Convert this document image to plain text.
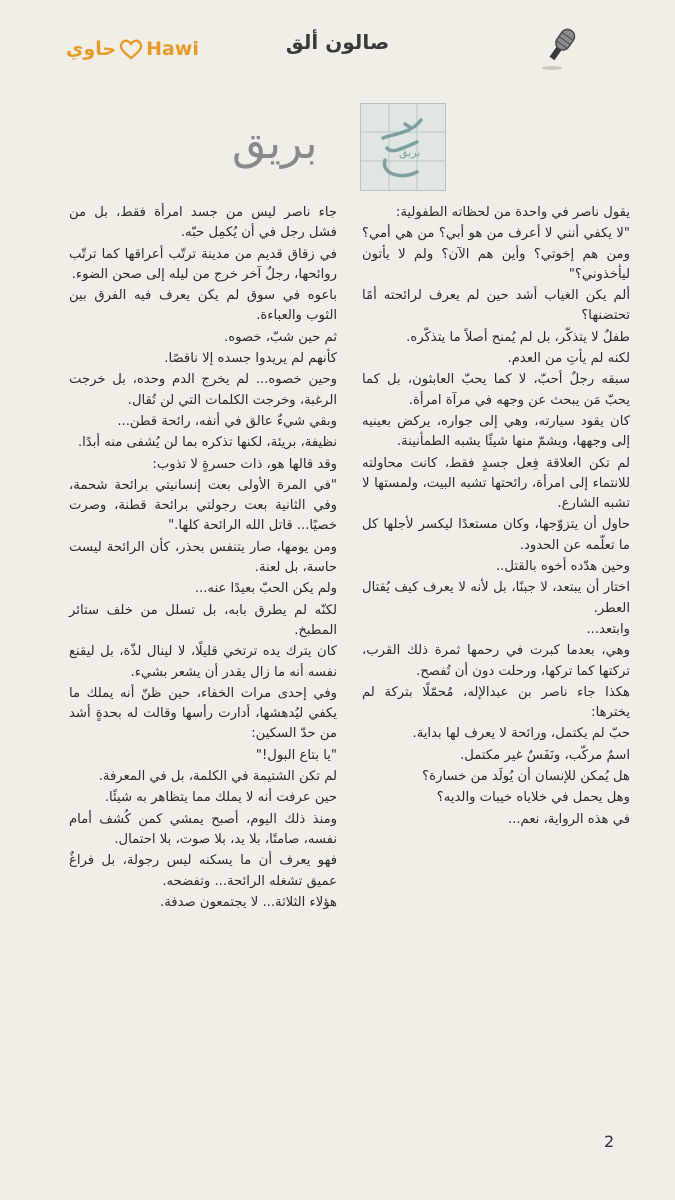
حاوي Hawi	صالون ألق
بريق
بريق

يقول ناصر في واحدة من لحظاته الطفولية:

"لا يكفي أنني لا أعرف من هو أبي؟ من هي أمي؟ ومن هم إخوتي؟ وأين هم الآن؟ ولم لا يأتون ليأخذوني؟"

ألم يكن الغياب أشد حين لم يعرف لرائحته أمًا تحتضنها؟

طفلٌ لا يتذكّر، بل لم يُمنح أصلاً ما يتذكّره.

لكنه لم يأتِ من العدم.

سبقه رجلٌ أحبّ، لا كما يحبّ العابثون، بل كما يحبّ مَن يبحث عن وجهه في مرآة امرأة.

كان يقود سيارته، وهي إلى جواره، يركض بعينيه إلى وجهها، ويشمّ منها شيئًا يشبه الطمأنينة.

لم تكن العلاقة فِعل جسدٍ فقط، كانت محاولته للانتماء إلى امرأة، رائحتها تشبه البيت، ولمستها لا تشبه الشارع.

حاول أن يتزوّجها، وكان مستعدًا ليكسر لأجلها كل ما تعلّمه عن الحدود.

وحين هدّده أخوه بالقتل..

اختار أن يبتعد، لا جبنًا، بل لأنه لا يعرف كيف يُقتال العطر.

وابتعد...

وهي، بعدما كبرت في رحمها ثمرة ذلك القرب، تركتها كما تركها، ورحلت دون أن تُفصح.

هكذا جاء ناصر بن عبدالإله، مُحمّلًا بتركة لم يخترها:

حبّ لم يكتمل، ورائحة لا يعرف لها بداية.

اسمٌ مركّب، ونَفَسٌ غير مكتمل.

هل يُمكن للإنسان أن يُولَد من خسارة؟

وهل يحمل في خلاياه خيبات والديه؟

في هذه الرواية، نعم...

جاء ناصر ليس من جسد امرأة فقط، بل من فشل رجل في أن يُكمِل حبّه.

في زقاق قديم من مدينة ترتّب أعراقها كما ترتّب روائحها، رجلٌ آخر خرج من ليله إلى صحن الضوء.

باعوه في سوق لم يكن يعرف فيه الفرق بين الثوب والعباءة.

ثم حين شبّ، خصوه.

كأنهم لم يريدوا جسده إلا ناقصًا.

وحين خصوه... لم يخرج الدم وحده، بل خرجت الرغبة، وخرجت الكلمات التي لن تُقال.

وبقي شيءٌ عالق في أنفه، رائحة قطن...

نظيفة، بريئة، لكنها تذكره بما لن يُشفى منه أبدًا.

وقد قالها هو، ذات حسرةٍ لا تذوب:

"في المرة الأولى بعت إنسانيتي برائحة شحمة، وفي الثانية بعت رجولتي برائحة قطنة، وصرت خصيًا... قاتل الله الرائحة كلها."

ومن يومها، صار يتنفس بحذر، كأن الرائحة ليست حاسة، بل لعنة.

ولم يكن الحبّ بعيدًا عنه...

لكنّه لم يطرق بابه، بل تسلل من خلف ستائر المطبخ.

كان يترك يده ترتخي قليلًا، لا لينال لذّة، بل ليقنع نفسه أنه ما زال يقدر أن يشعر بشيء.

وفي إحدى مرات الخفاء، حين ظنّ أنه يملك ما يكفي ليُدهشها، أدارت رأسها وقالت له بحدةٍ أشد من حدّ السكين:

"يا بتاع البول!"

لم تكن الشتيمة في الكلمة، بل في المعرفة.

حين عرفت أنه لا يملك مما يتظاهر به شيئًا.

ومنذ ذلك اليوم، أصبح يمشي كمن كُشف أمام نفسه، صامتًا، بلا يد، بلا صوت، بلا احتمال.

فهو يعرف أن ما يسكنه ليس رجولة، بل فراغٌ عميق تشغله الرائحة... وتفضحه.

هؤلاء الثلاثة... لا يجتمعون صدفة.

2
